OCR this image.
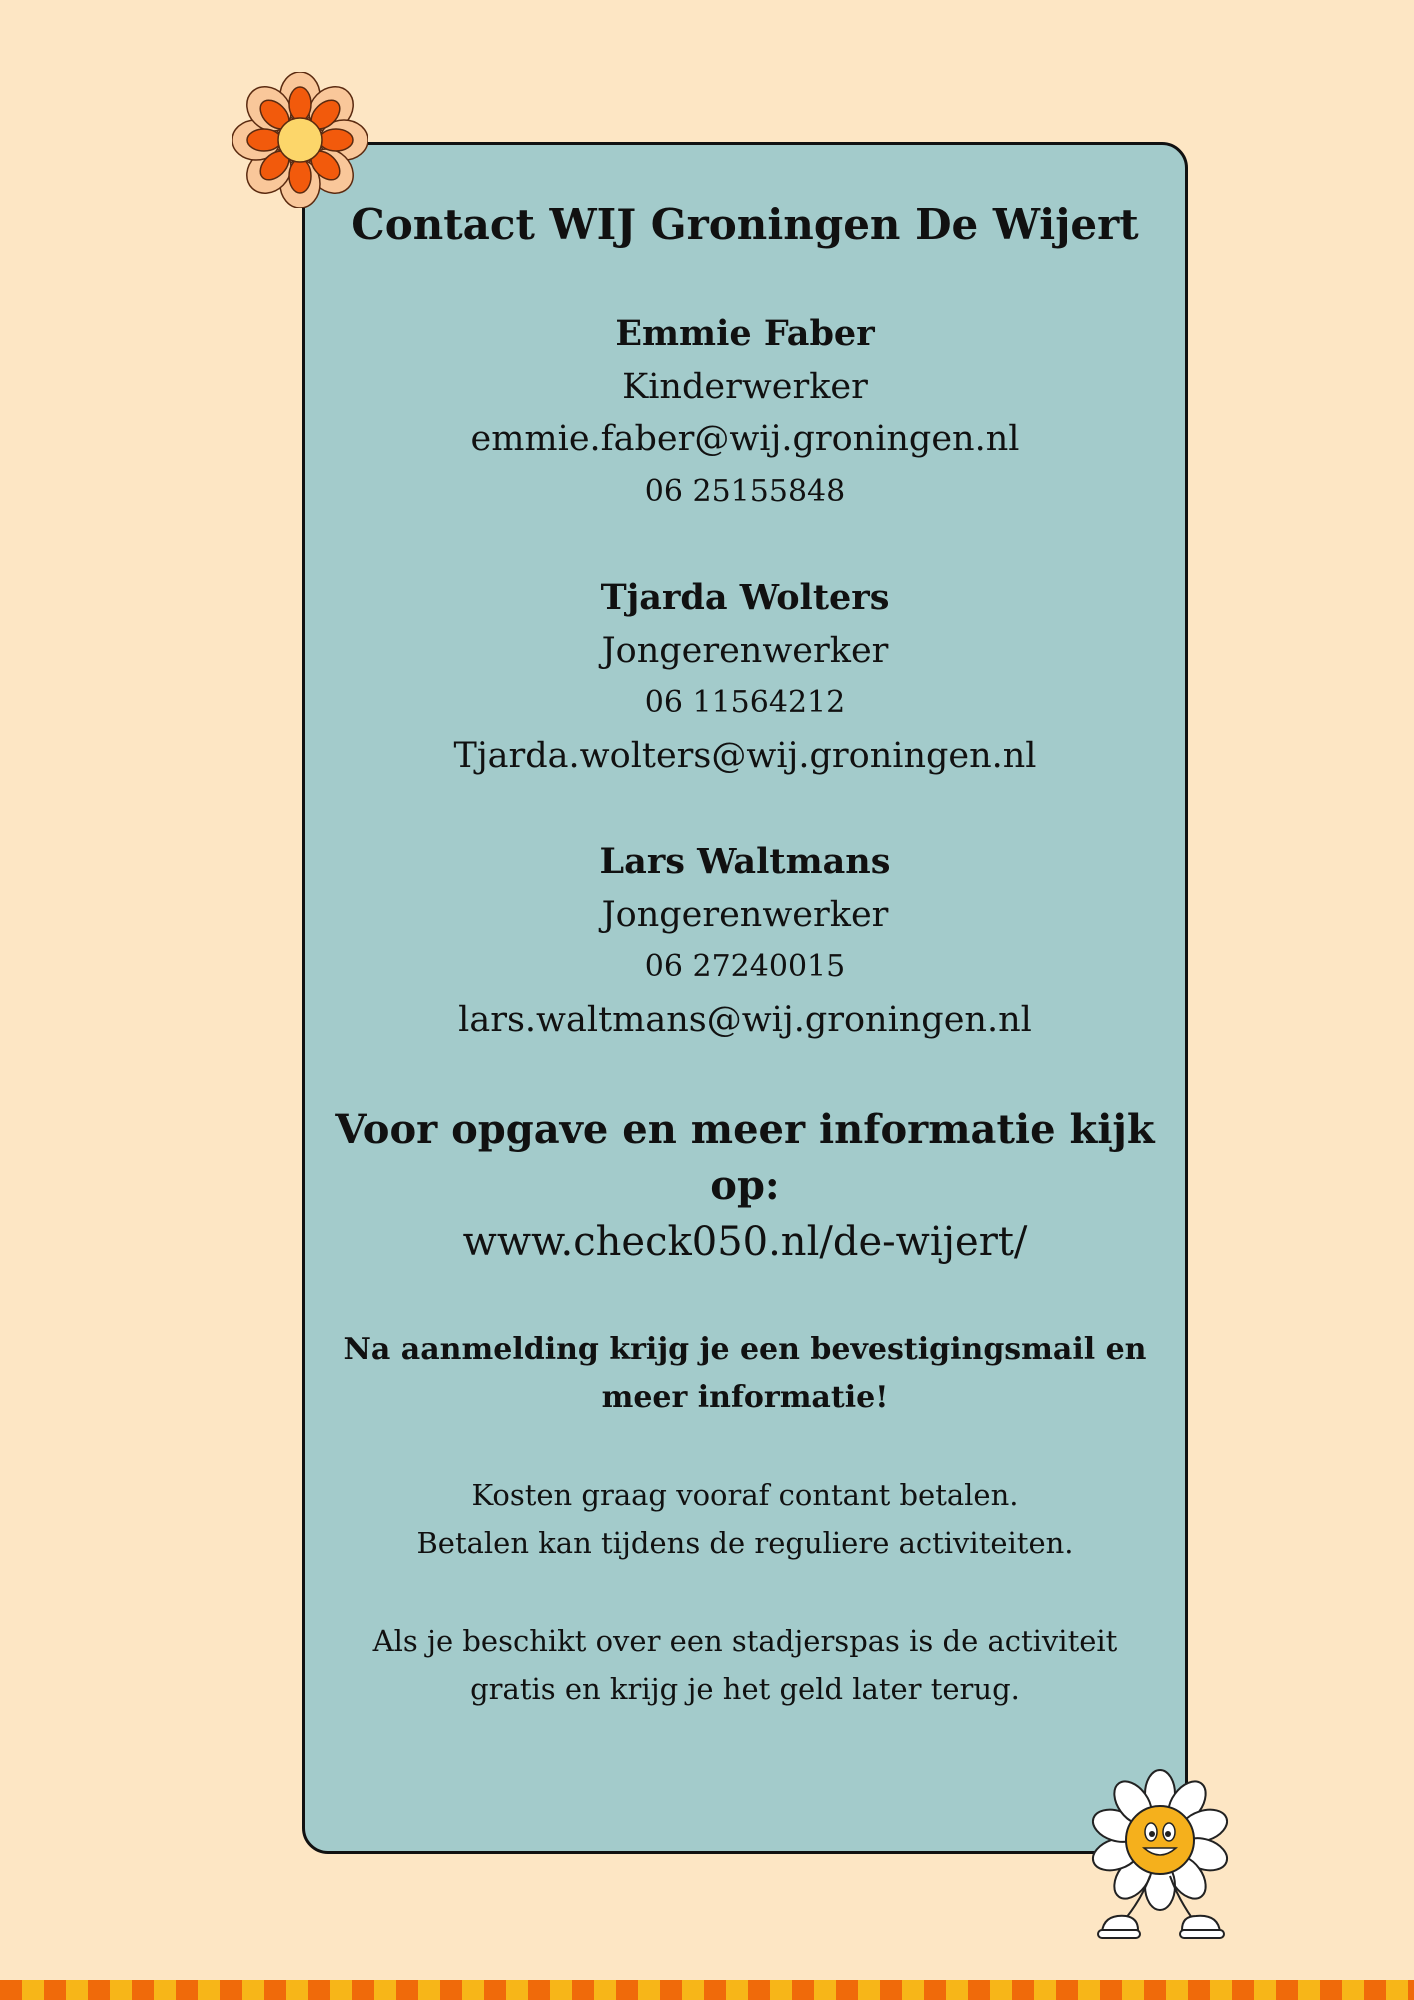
Contact WIJ Groningen De Wijert
Emmie Faber
Kinderwerker
emmie.faber@wij.groningen.nl
06 25155848
Tjarda Wolters
Jongerenwerker
06 11564212
Tjarda.wolters@wij.groningen.nl
Lars Waltmans
Jongerenwerker
06 27240015
lars.waltmans@wij.groningen.nl
Voor opgave en meer informatie kijk op:
www.check050.nl/de-wijert/
Na aanmelding krijg je een bevestigingsmail en meer informatie!
Kosten graag vooraf contant betalen.
Betalen kan tijdens de reguliere activiteiten.
Als je beschikt over een stadjerspas is de activiteit
gratis en krijg je het geld later terug.
